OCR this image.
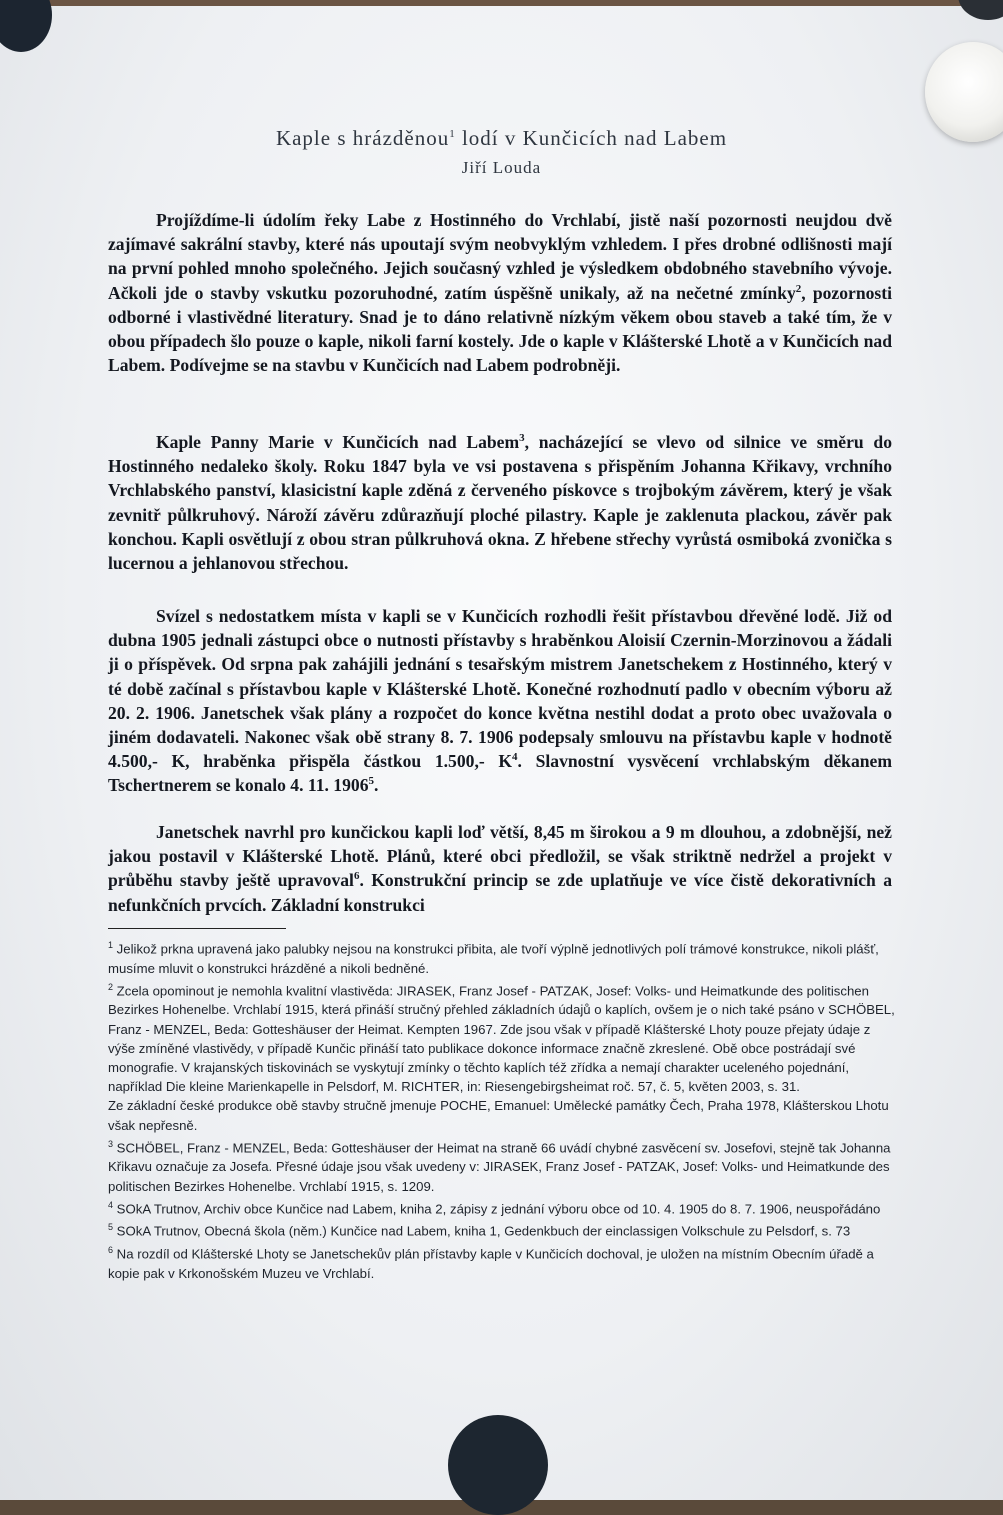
Kaple s hrázděnou$^1$ lodí v Kunčicích nad Labem
Jiří Louda

Projíždíme-li údolím řeky Labe z Hostinného do Vrchlabí, jistě naší pozornosti neujdou dvě zajímavé sakrální stavby, které nás upoutají svým neobvyklým vzhledem. I přes drobné odlišnosti mají na první pohled mnoho společného. Jejich současný vzhled je výsledkem obdobného stavebního vývoje. Ačkoli jde o stavby vskutku pozoruhodné, zatím úspěšně unikaly, až na nečetné zmínky$^2$, pozornosti odborné i vlastivědné literatury. Snad je to dáno relativně nízkým věkem obou staveb a také tím, že v obou případech šlo pouze o kaple, nikoli farní kostely. Jde o kaple v Klášterské Lhotě a v Kunčicích nad Labem. Podívejme se na stavbu v Kunčicích nad Labem podrobněji.

Kaple Panny Marie v Kunčicích nad Labem$^3$, nacházející se vlevo od silnice ve směru do Hostinného nedaleko školy. Roku 1847 byla ve vsi postavena s přispěním Johanna Křikavy, vrchního Vrchlabského panství, klasicistní kaple zděná z červeného pískovce s trojbokým závěrem, který je však zevnitř půlkruhový. Nároží závěru zdůrazňují ploché pilastry. Kaple je zaklenuta plackou, závěr pak konchou. Kapli osvětlují z obou stran půlkruhová okna. Z hřebene střechy vyrůstá osmiboká zvonička s lucernou a jehlanovou střechou.

Svízel s nedostatkem místa v kapli se v Kunčicích rozhodli řešit přístavbou dřevěné lodě. Již od dubna 1905 jednali zástupci obce o nutnosti přístavby s hraběnkou Aloisií Czernin-Morzinovou a žádali ji o příspěvek. Od srpna pak zahájili jednání s tesařským mistrem Janetschekem z Hostinného, který v té době začínal s přístavbou kaple v Klášterské Lhotě. Konečné rozhodnutí padlo v obecním výboru až 20. 2. 1906. Janetschek však plány a rozpočet do konce května nestihl dodat a proto obec uvažovala o jiném dodavateli. Nakonec však obě strany 8. 7. 1906 podepsaly smlouvu na přístavbu kaple v hodnotě 4.500,- K, hraběnka přispěla částkou 1.500,- $K^4$. Slavnostní vysvěcení vrchlabským děkanem Tschertnerem se konalo 4. 11. 1906$^5$.

Janetschek navrhl pro kunčickou kapli loď větší, 8,45 m širokou a 9 m dlouhou, a zdobnější, než jakou postavil v Klášterské Lhotě. Plánů, které obci předložil, se však striktně nedržel a projekt v průběhu stavby ještě upravoval$^6$. Konstrukční princip se zde uplatňuje ve více čistě dekorativních a nefunkčních prvcích. Základní konstrukci

$^1$ Jelikož prkna upravená jako palubky nejsou na konstrukci přibita, ale tvoří výplně jednotlivých polí trámové konstrukce, nikoli plášť, musíme mluvit o konstrukci hrázděné a nikoli bedněné.

$^2$ Zcela opominout je nemohla kvalitní vlastivěda: JIRASEK, Franz Josef - PATZAK, Josef: Volks- und Heimatkunde des politischen Bezirkes Hohenelbe. Vrchlabí 1915, která přináší stručný přehled základních údajů o kaplích, ovšem je o nich také psáno v SCHÖBEL, Franz - MENZEL, Beda: Gotteshäuser der Heimat. Kempten 1967. Zde jsou však v případě Klášterské Lhoty pouze přejaty údaje z výše zmíněné vlastivědy, v případě Kunčic přináší tato publikace dokonce informace značně zkreslené. Obě obce postrádají své monografie. V krajanských tiskovinách se vyskytují zmínky o těchto kaplích též zřídka a nemají charakter uceleného pojednání, například Die kleine Marienkapelle in Pelsdorf, M. RICHTER, in: Riesengebirgsheimat roč. 57, č. 5, květen 2003, s. 31.

Ze základní české produkce obě stavby stručně jmenuje POCHE, Emanuel: Umělecké památky Čech, Praha 1978, Klášterskou Lhotu však nepřesně.

$^3$ SCHÖBEL, Franz - MENZEL, Beda: Gotteshäuser der Heimat na straně 66 uvádí chybné zasvěcení sv. Josefovi, stejně tak Johanna Křikavu označuje za Josefa. Přesné údaje jsou však uvedeny v: JIRASEK, Franz Josef - PATZAK, Josef: Volks- und Heimatkunde des politischen Bezirkes Hohenelbe. Vrchlabí 1915, s. 1209.

$^4$ SOkA Trutnov, Archiv obce Kunčice nad Labem, kniha 2, zápisy z jednání výboru obce od 10. 4. 1905 do 8. 7. 1906, neuspořádáno

$^5$ SOkA Trutnov, Obecná škola (něm.) Kunčice nad Labem, kniha 1, Gedenkbuch der einclassigen Volkschule zu Pelsdorf, s. 73

$^6$ Na rozdíl od Klášterské Lhoty se Janetschekův plán přístavby kaple v Kunčicích dochoval, je uložen na místním Obecním úřadě a kopie pak v Krkonošském Muzeu ve Vrchlabí.
